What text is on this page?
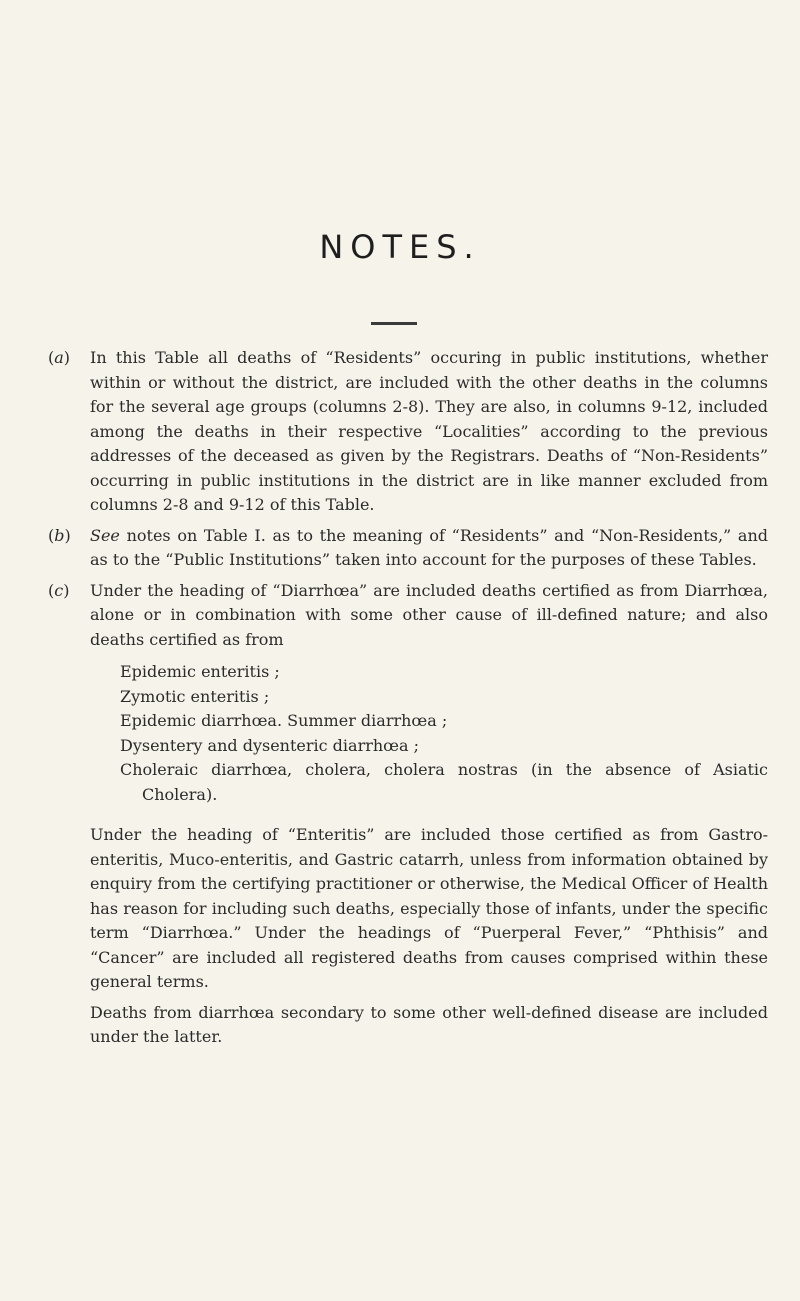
NOTES.
(a)	In this Table all deaths of “Residents” occuring in public institutions, whether within or without the district, are included with the other deaths in the columns for the several age groups (columns 2-8). They are also, in columns 9-12, included among the deaths in their respective “Localities” according to the previous addresses of the deceased as given by the Registrars. Deaths of “Non-Residents” occurring in public institutions in the district are in like manner excluded from columns 2-8 and 9-12 of this Table.
(b)	See notes on Table I. as to the meaning of “Residents” and “Non-Residents,” and as to the “Public Institutions” taken into account for the purposes of these Tables.
(c)	Under the heading of “Diarrhœa” are included deaths certified as from Diarrhœa, alone or in combination with some other cause of ill-defined nature; and also deaths certified as from
Epidemic enteritis ;
Zymotic enteritis ;
Epidemic diarrhœa. Summer diarrhœa ;
Dysentery and dysenteric diarrhœa ;
Choleraic diarrhœa, cholera, cholera nostras (in the absence of Asiatic Cholera).
Under the heading of “Enteritis” are included those certified as from Gastro-enteritis, Muco-enteritis, and Gastric catarrh, unless from information obtained by enquiry from the certifying practitioner or otherwise, the Medical Officer of Health has reason for including such deaths, especially those of infants, under the specific term “Diarrhœa.” Under the headings of “Puerperal Fever,” “Phthisis” and “Cancer” are included all registered deaths from causes comprised within these general terms.
Deaths from diarrhœa secondary to some other well-defined disease are included under the latter.
